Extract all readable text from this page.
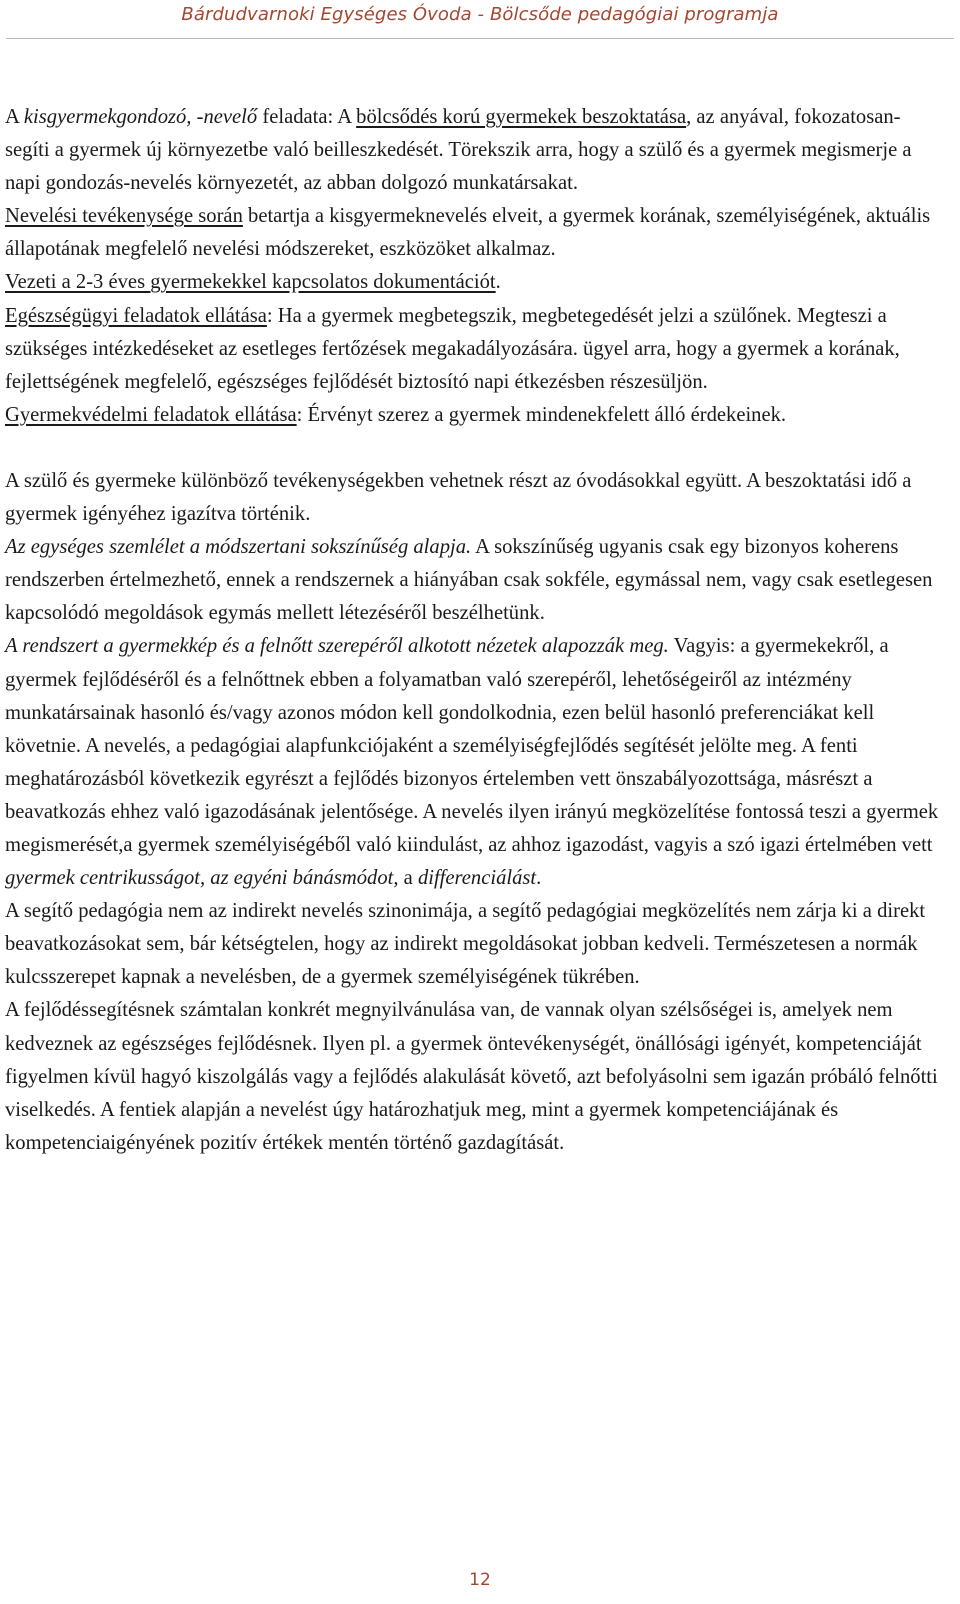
Bárdudvarnoki Egységes Óvoda - Bölcsőde pedagógiai programja

A kisgyermekgondozó, -nevelő feladata: A bölcsődés korú gyermekek beszoktatása, az anyával, fokozatosan- segíti a gyermek új környezetbe való beilleszkedését. Törekszik arra, hogy a szülő és a gyermek megismerje a napi gondozás-nevelés környezetét, az abban dolgozó munkatársakat.

Nevelési tevékenysége során betartja a kisgyermeknevelés elveit, a gyermek korának, személyiségének, aktuális állapotának megfelelő nevelési módszereket, eszközöket alkalmaz.

Vezeti a 2-3 éves gyermekekkel kapcsolatos dokumentációt.

Egészségügyi feladatok ellátása: Ha a gyermek megbetegszik, megbetegedését jelzi a szülőnek. Megteszi a szükséges intézkedéseket az esetleges fertőzések megakadályozására. ügyel arra, hogy a gyermek a korának, fejlettségének megfelelő, egészséges fejlődését biztosító napi étkezésben részesüljön.

Gyermekvédelmi feladatok ellátása: Érvényt szerez a gyermek mindenekfelett álló érdekeinek.

A szülő és gyermeke különböző tevékenységekben vehetnek részt az óvodásokkal együtt. A beszoktatási idő a gyermek igényéhez igazítva történik.

Az egységes szemlélet a módszertani sokszínűség alapja. A sokszínűség ugyanis csak egy bizonyos koherens rendszerben értelmezhető, ennek a rendszernek a hiányában csak sokféle, egymással nem, vagy csak esetlegesen kapcsolódó megoldások egymás mellett létezéséről beszélhetünk.

A rendszert a gyermekkép és a felnőtt szerepéről alkotott nézetek alapozzák meg. Vagyis: a gyermekekről, a gyermek fejlődéséről és a felnőttnek ebben a folyamatban való szerepéről, lehetőségeiről az intézmény munkatársainak hasonló és/vagy azonos módon kell gondolkodnia, ezen belül hasonló preferenciákat kell követnie. A nevelés, a pedagógiai alapfunkciójaként a személyiségfejlődés segítését jelölte meg. A fenti meghatározásból következik egyrészt a fejlődés bizonyos értelemben vett önszabályozottsága, másrészt a beavatkozás ehhez való igazodásának jelentősége. A nevelés ilyen irányú megközelítése fontossá teszi a gyermek megismerését,a gyermek személyiségéből való kiindulást, az ahhoz igazodást, vagyis a szó igazi értelmében vett gyermek centrikusságot, az egyéni bánásmódot, a differenciálást.

A segítő pedagógia nem az indirekt nevelés szinonimája, a segítő pedagógiai megközelítés nem zárja ki a direkt beavatkozásokat sem, bár kétségtelen, hogy az indirekt megoldásokat jobban kedveli. Természetesen a normák kulcsszerepet kapnak a nevelésben, de a gyermek személyiségének tükrében.

A fejlődéssegítésnek számtalan konkrét megnyilvánulása van, de vannak olyan szélsőségei is, amelyek nem kedveznek az egészséges fejlődésnek. Ilyen pl. a gyermek öntevékenységét, önállósági igényét, kompetenciáját figyelmen kívül hagyó kiszolgálás vagy a fejlődés alakulását követő, azt befolyásolni sem igazán próbáló felnőtti viselkedés. A fentiek alapján a nevelést úgy határozhatjuk meg, mint a gyermek kompetenciájának és kompetenciaigényének pozitív értékek mentén történő gazdagítását.

12
